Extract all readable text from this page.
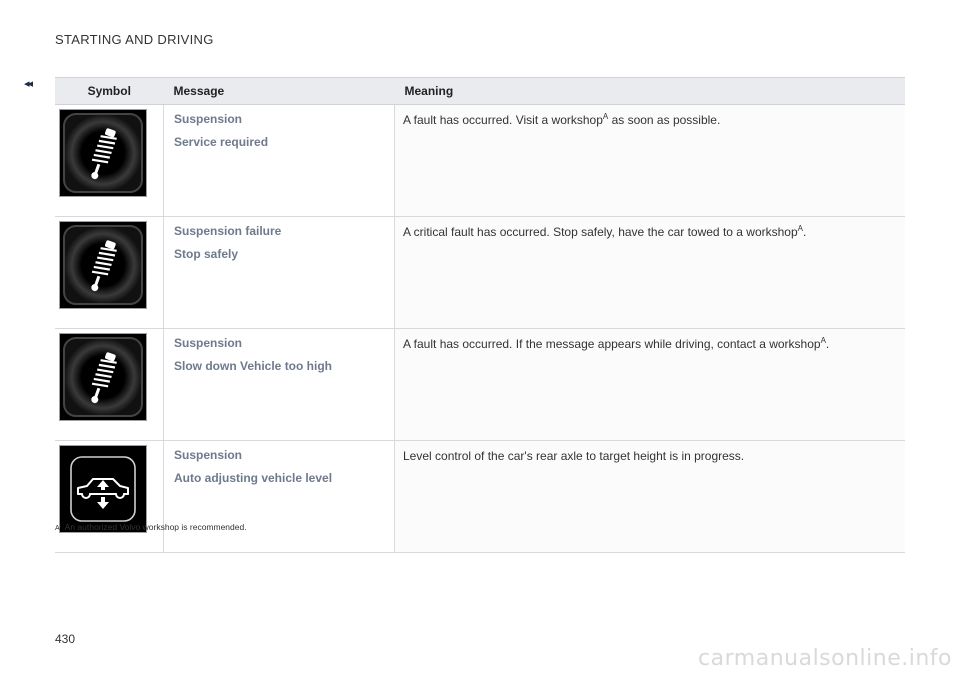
STARTING AND DRIVING
◂◂	Symbol	Message	Meaning

Suspension
Service required	A fault has occurred. Visit a workshop$^A$ as soon as possible.

Suspension failure
Stop safely	A critical fault has occurred. Stop safely, have the car towed to a workshop$^A$.

Suspension
Slow down Vehicle too high	A fault has occurred. If the message appears while driving, contact a workshop$^A$.

Suspension
Auto adjusting vehicle level	Level control of the car's rear axle to target height is in progress.
A An authorized Volvo workshop is recommended.
430
carmanualsonline.info
